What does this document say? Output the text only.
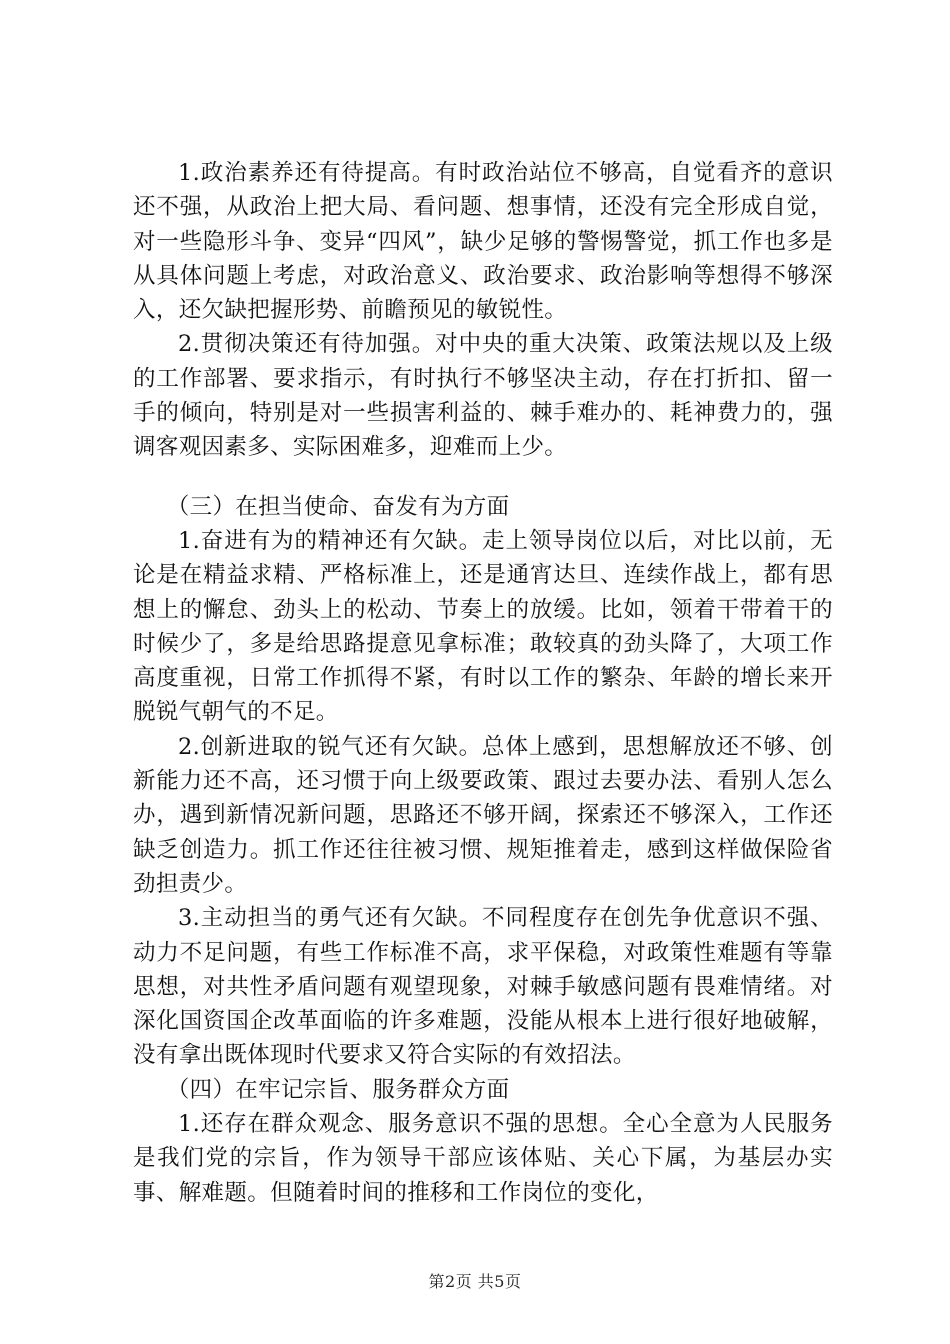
1.政治素养还有待提高。有时政治站位不够高，自觉看齐的意识还不强，从政治上把大局、看问题、想事情，还没有完全形成自觉，对一些隐形斗争、变异“四风”，缺少足够的警惕警觉，抓工作也多是从具体问题上考虑，对政治意义、政治要求、政治影响等想得不够深入，还欠缺把握形势、前瞻预见的敏锐性。

2.贯彻决策还有待加强。对中央的重大决策、政策法规以及上级的工作部署、要求指示，有时执行不够坚决主动，存在打折扣、留一手的倾向，特别是对一些损害利益的、棘手难办的、耗神费力的，强调客观因素多、实际困难多，迎难而上少。

（三）在担当使命、奋发有为方面

1.奋进有为的精神还有欠缺。走上领导岗位以后，对比以前，无论是在精益求精、严格标准上，还是通宵达旦、连续作战上，都有思想上的懈怠、劲头上的松动、节奏上的放缓。比如，领着干带着干的时候少了，多是给思路提意见拿标准；敢较真的劲头降了，大项工作高度重视，日常工作抓得不紧，有时以工作的繁杂、年龄的增长来开脱锐气朝气的不足。

2.创新进取的锐气还有欠缺。总体上感到，思想解放还不够、创新能力还不高，还习惯于向上级要政策、跟过去要办法、看别人怎么办，遇到新情况新问题，思路还不够开阔，探索还不够深入，工作还缺乏创造力。抓工作还往往被习惯、规矩推着走，感到这样做保险省劲担责少。

3.主动担当的勇气还有欠缺。不同程度存在创先争优意识不强、动力不足问题，有些工作标准不高，求平保稳，对政策性难题有等靠思想，对共性矛盾问题有观望现象，对棘手敏感问题有畏难情绪。对深化国资国企改革面临的许多难题，没能从根本上进行很好地破解，没有拿出既体现时代要求又符合实际的有效招法。

（四）在牢记宗旨、服务群众方面

1.还存在群众观念、服务意识不强的思想。全心全意为人民服务是我们党的宗旨，作为领导干部应该体贴、关心下属，为基层办实事、解难题。但随着时间的推移和工作岗位的变化，

第2页 共5页
